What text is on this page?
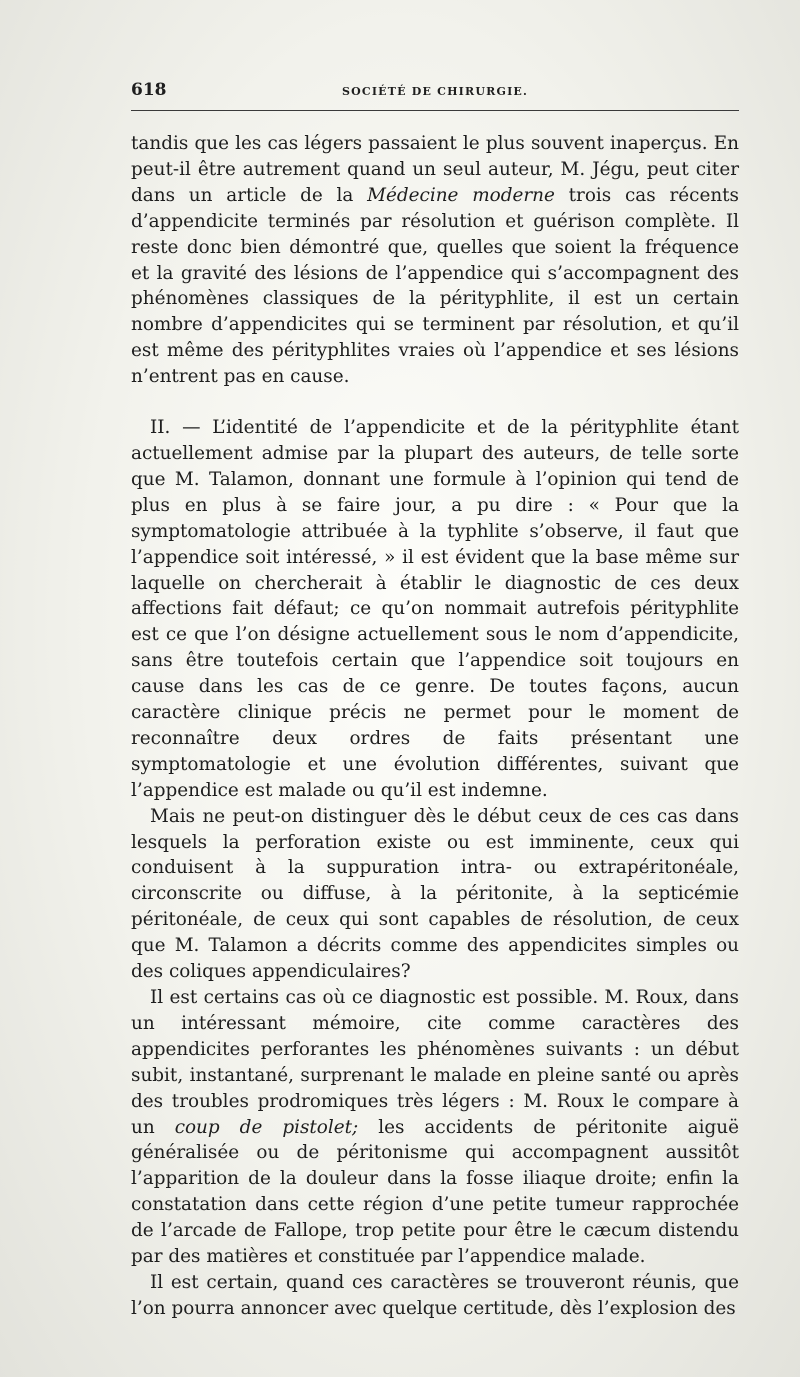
618	SOCIÉTÉ DE CHIRURGIE.

tandis que les cas légers passaient le plus souvent inaperçus. En peut-il être autrement quand un seul auteur, M. Jégu, peut citer dans un article de la Médecine moderne trois cas récents d’appendicite terminés par résolution et guérison complète. Il reste donc bien démontré que, quelles que soient la fréquence et la gravité des lésions de l’appendice qui s’accompagnent des phénomènes classiques de la pérityphlite, il est un certain nombre d’appendicites qui se terminent par résolution, et qu’il est même des pérityphlites vraies où l’appendice et ses lésions n’entrent pas en cause.

II. — L’identité de l’appendicite et de la pérityphlite étant actuellement admise par la plupart des auteurs, de telle sorte que M. Talamon, donnant une formule à l’opinion qui tend de plus en plus à se faire jour, a pu dire : « Pour que la symptomatologie attribuée à la typhlite s’observe, il faut que l’appendice soit intéressé, » il est évident que la base même sur laquelle on chercherait à établir le diagnostic de ces deux affections fait défaut; ce qu’on nommait autrefois pérityphlite est ce que l’on désigne actuellement sous le nom d’appendicite, sans être toutefois certain que l’appendice soit toujours en cause dans les cas de ce genre. De toutes façons, aucun caractère clinique précis ne permet pour le moment de reconnaître deux ordres de faits présentant une symptomatologie et une évolution différentes, suivant que l’appendice est malade ou qu’il est indemne.

Mais ne peut-on distinguer dès le début ceux de ces cas dans lesquels la perforation existe ou est imminente, ceux qui conduisent à la suppuration intra- ou extrapéritonéale, circonscrite ou diffuse, à la péritonite, à la septicémie péritonéale, de ceux qui sont capables de résolution, de ceux que M. Talamon a décrits comme des appendicites simples ou des coliques appendiculaires?

Il est certains cas où ce diagnostic est possible. M. Roux, dans un intéressant mémoire, cite comme caractères des appendicites perforantes les phénomènes suivants : un début subit, instantané, surprenant le malade en pleine santé ou après des troubles prodromiques très légers : M. Roux le compare à un coup de pistolet; les accidents de péritonite aiguë généralisée ou de péritonisme qui accompagnent aussitôt l’apparition de la douleur dans la fosse iliaque droite; enfin la constatation dans cette région d’une petite tumeur rapprochée de l’arcade de Fallope, trop petite pour être le cæcum distendu par des matières et constituée par l’appendice malade.

Il est certain, quand ces caractères se trouveront réunis, que l’on pourra annoncer avec quelque certitude, dès l’explosion des
